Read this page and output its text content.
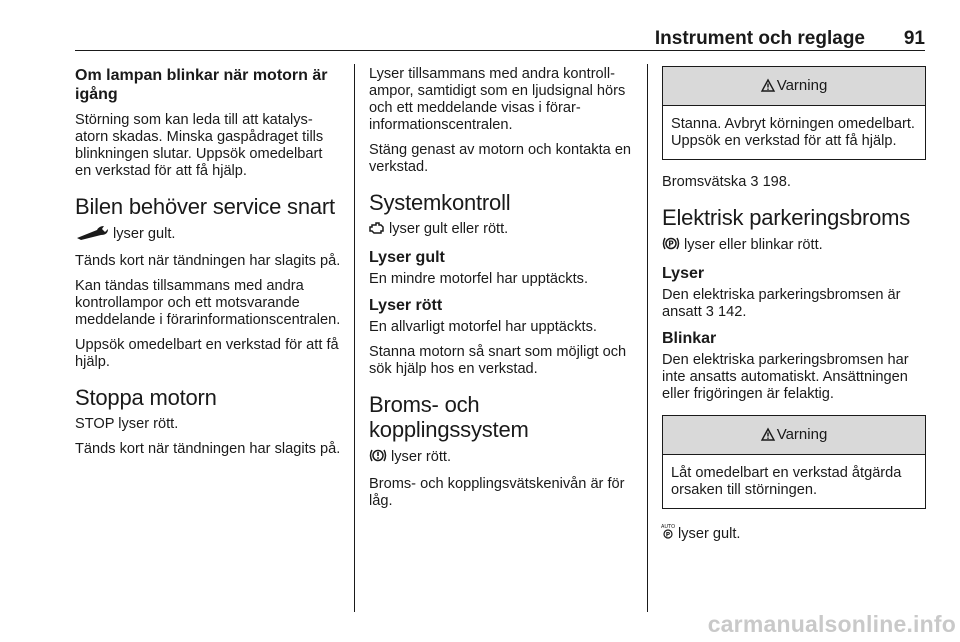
Instrument och reglage 91
Om lampan blinkar när motorn är igång

Störning som kan leda till att katalysatorn skadas. Minska gaspådraget tills blinkningen slutar. Uppsök omedelbart en verkstad för att få hjälp.

Bilen behöver service snart

lyser gult.

Tänds kort när tändningen har slagits på.

Kan tändas tillsammans med andra kontrollampor och ett motsvarande meddelande i förarinformationscentralen.

Uppsök omedelbart en verkstad för att få hjälp.

Stoppa motorn

STOP lyser rött.

Tänds kort när tändningen har slagits på.

Lyser tillsammans med andra kontrollampor, samtidigt som en ljudsignal hörs och ett meddelande visas i förarinformationscentralen.

Stäng genast av motorn och kontakta en verkstad.

Systemkontroll

lyser gult eller rött.

Lyser gult

En mindre motorfel har upptäckts.

Lyser rött

En allvarligt motorfel har upptäckts.

Stanna motorn så snart som möjligt och sök hjälp hos en verkstad.

Broms- och kopplingssystem

lyser rött.

Broms- och kopplingsvätskenivån är för låg.

Varning
Stanna. Avbryt körningen omedelbart. Uppsök en verkstad för att få hjälp.

Bromsvätska 3 198.

Elektrisk parkeringsbroms

P lyser eller blinkar rött.

Lyser

Den elektriska parkeringsbromsen är ansatt 3 142.

Blinkar

Den elektriska parkeringsbromsen har inte ansatts automatiskt. Ansättningen eller frigöringen är felaktig.

Varning
Låt omedelbart en verkstad åtgärda orsaken till störningen.

AUTO
P lyser gult.

carmanualsonline.info
